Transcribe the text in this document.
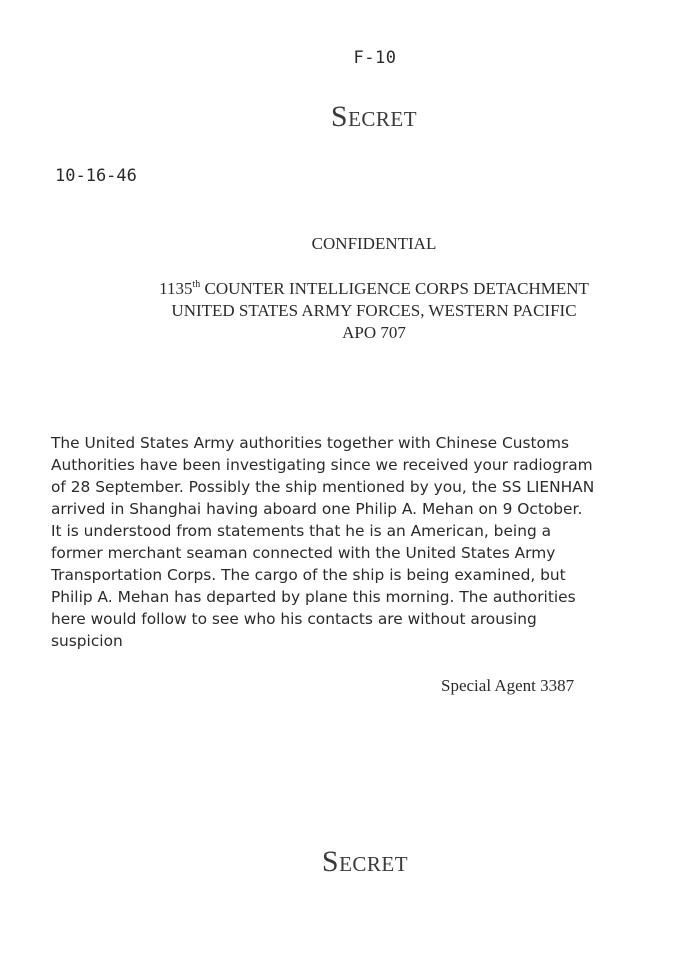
F-10
Secret
10-16-46
CONFIDENTIAL
1135th COUNTER INTELLIGENCE CORPS DETACHMENT
UNITED STATES ARMY FORCES, WESTERN PACIFIC
APO 707
The United States Army authorities together with Chinese Customs
Authorities have been investigating since we received your radiogram
of 28 September. Possibly the ship mentioned by you, the SS LIENHAN
arrived in Shanghai having aboard one Philip A. Mehan on 9 October.
It is understood from statements that he is an American, being a
former merchant seaman connected with the United States Army
Transportation Corps. The cargo of the ship is being examined, but
Philip A. Mehan has departed by plane this morning. The authorities
here would follow to see who his contacts are without arousing
suspicion
Special Agent 3387
Secret
